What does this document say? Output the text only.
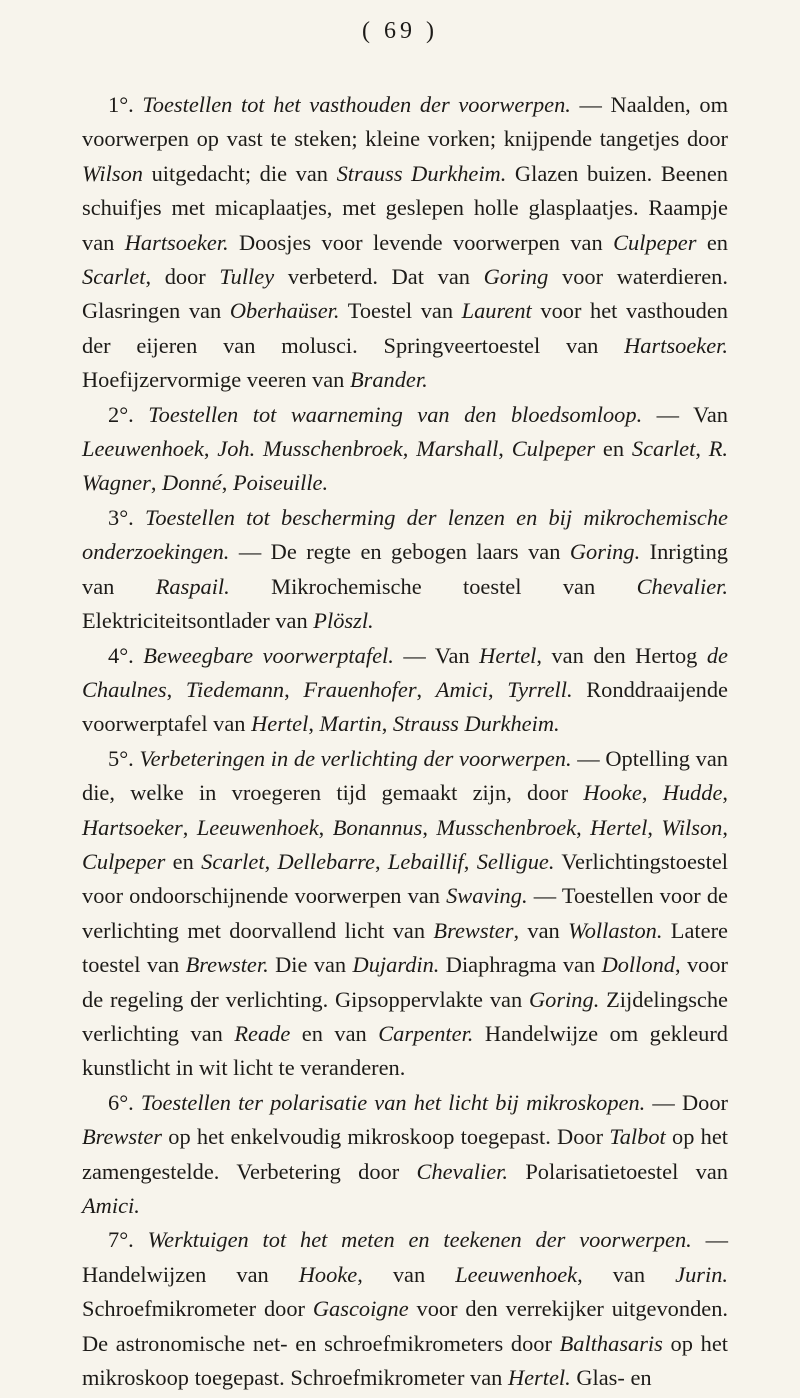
( 69 )

1°. Toestellen tot het vasthouden der voorwerpen. — Naalden, om voorwerpen op vast te steken; kleine vorken; knijpende tangetjes door Wilson uitgedacht; die van Strauss Durkheim. Glazen buizen. Beenen schuifjes met micaplaatjes, met geslepen holle glasplaatjes. Raampje van Hartsoeker. Doosjes voor levende voorwerpen van Culpeper en Scarlet, door Tulley verbeterd. Dat van Goring voor waterdieren. Glasringen van Oberhaüser. Toestel van Laurent voor het vasthouden der eijeren van molusci. Springveertoestel van Hartsoeker. Hoefijzervormige veeren van Brander.

2°. Toestellen tot waarneming van den bloedsomloop. — Van Leeuwenhoek, Joh. Musschenbroek, Marshall, Culpeper en Scarlet, R. Wagner, Donné, Poiseuille.

3°. Toestellen tot bescherming der lenzen en bij mikrochemische onderzoekingen. — De regte en gebogen laars van Goring. Inrigting van Raspail. Mikrochemische toestel van Chevalier. Elektriciteitsontlader van Plöszl.

4°. Beweegbare voorwerptafel. — Van Hertel, van den Hertog de Chaulnes, Tiedemann, Frauenhofer, Amici, Tyrrell. Ronddraaijende voorwerptafel van Hertel, Martin, Strauss Durkheim.

5°. Verbeteringen in de verlichting der voorwerpen. — Optelling van die, welke in vroegeren tijd gemaakt zijn, door Hooke, Hudde, Hartsoeker, Leeuwenhoek, Bonannus, Musschenbroek, Hertel, Wilson, Culpeper en Scarlet, Dellebarre, Lebaillif, Selligue. Verlichtingstoestel voor ondoorschijnende voorwerpen van Swaving. — Toestellen voor de verlichting met doorvallend licht van Brewster, van Wollaston. Latere toestel van Brewster. Die van Dujardin. Diaphragma van Dollond, voor de regeling der verlichting. Gipsoppervlakte van Goring. Zijdelingsche verlichting van Reade en van Carpenter. Handelwijze om gekleurd kunstlicht in wit licht te veranderen.

6°. Toestellen ter polarisatie van het licht bij mikroskopen. — Door Brewster op het enkelvoudig mikroskoop toegepast. Door Talbot op het zamengestelde. Verbetering door Chevalier. Polarisatietoestel van Amici.

7°. Werktuigen tot het meten en teekenen der voorwerpen. — Handelwijzen van Hooke, van Leeuwenhoek, van Jurin. Schroefmikrometer door Gascoigne voor den verrekijker uitgevonden. De astronomische net- en schroefmikrometers door Balthasaris op het mikroskoop toegepast. Schroefmikrometer van Hertel. Glas- en
